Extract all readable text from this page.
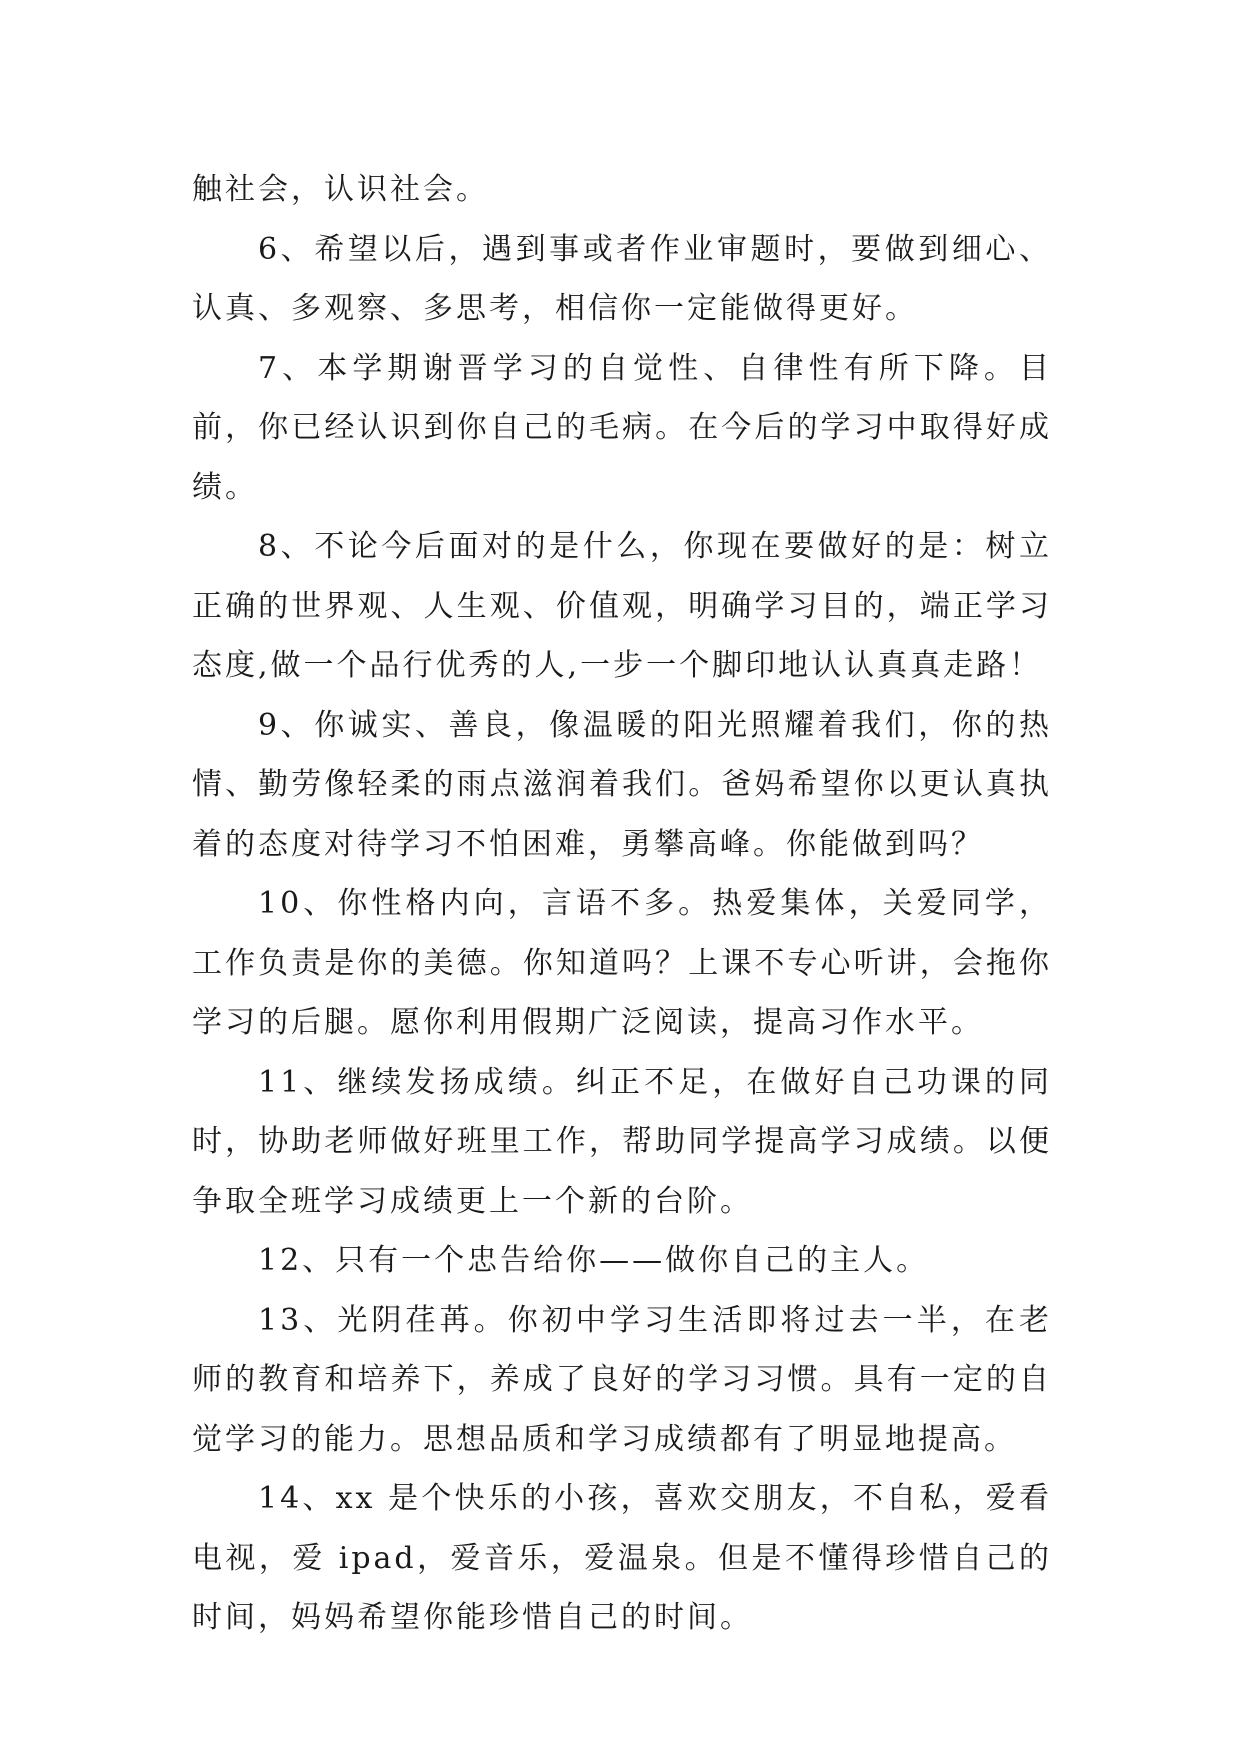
触社会，认识社会。

6、希望以后，遇到事或者作业审题时，要做到细心、认真、多观察、多思考，相信你一定能做得更好。

7、本学期谢晋学习的自觉性、自律性有所下降。目前，你已经认识到你自己的毛病。在今后的学习中取得好成绩。

8、不论今后面对的是什么，你现在要做好的是：树立正确的世界观、人生观、价值观，明确学习目的，端正学习态度,做一个品行优秀的人,一步一个脚印地认认真真走路！

9、你诚实、善良，像温暖的阳光照耀着我们，你的热情、勤劳像轻柔的雨点滋润着我们。爸妈希望你以更认真执着的态度对待学习不怕困难，勇攀高峰。你能做到吗？

10、你性格内向，言语不多。热爱集体，关爱同学，工作负责是你的美德。你知道吗？上课不专心听讲，会拖你学习的后腿。愿你利用假期广泛阅读，提高习作水平。

11、继续发扬成绩。纠正不足，在做好自己功课的同时，协助老师做好班里工作，帮助同学提高学习成绩。以便争取全班学习成绩更上一个新的台阶。

12、只有一个忠告给你——做你自己的主人。

13、光阴荏苒。你初中学习生活即将过去一半，在老师的教育和培养下，养成了良好的学习习惯。具有一定的自觉学习的能力。思想品质和学习成绩都有了明显地提高。

14、xx 是个快乐的小孩，喜欢交朋友，不自私，爱看电视，爱 ipad，爱音乐，爱温泉。但是不懂得珍惜自己的时间，妈妈希望你能珍惜自己的时间。
